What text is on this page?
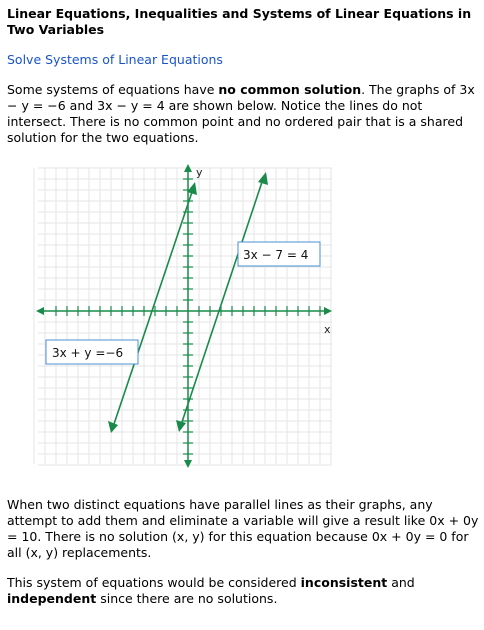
Linear Equations, Inequalities and Systems of Linear Equations in Two Variables
Solve Systems of Linear Equations

Some systems of equations have no common solution. The graphs of 3x − y = −6 and 3x − y = 4 are shown below. Notice the lines do not intersect. There is no common point and no ordered pair that is a shared solution for the two equations.

x
y
3x − 7 = 4
3x + y =−6

When two distinct equations have parallel lines as their graphs, any attempt to add them and eliminate a variable will give a result like 0x + 0y = 10. There is no solution (x, y) for this equation because 0x + 0y = 0 for all (x, y) replacements.

This system of equations would be considered inconsistent and independent since there are no solutions.
